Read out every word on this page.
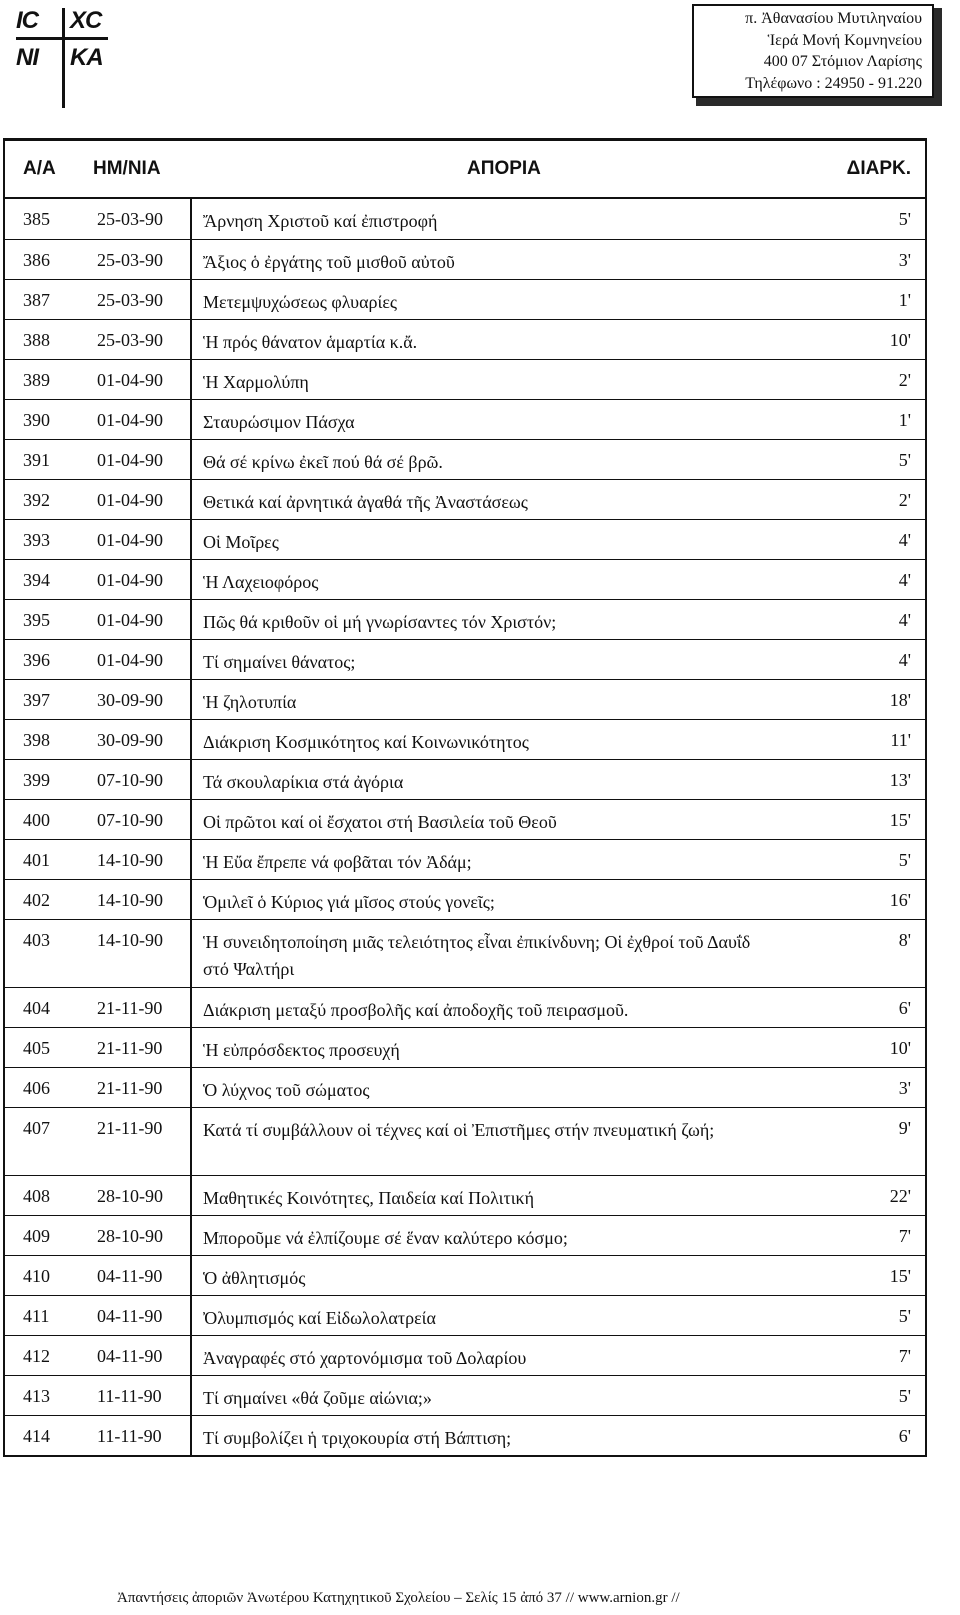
IC XC
NI KA
π. Ἀθανασίου Μυτιληναίου
Ἱερά Μονή Κομνηνείου
400 07 Στόμιον Λαρίσης
Τηλέφωνο : 24950 - 91.220
Α/Α ΗΜ/ΝΙΑ	ΑΠΟΡΙΑ	ΔΙΑΡΚ.
385	25-03-90 Ἄρνηση Χριστοῦ καί ἐπιστροφή	5'
386	25-03-90 Ἄξιος ὁ ἐργάτης τοῦ μισθοῦ αὐτοῦ	3'
387	25-03-90 Μετεμψυχώσεως φλυαρίες	1'
388	25-03-90 Ἡ πρός θάνατον ἁμαρτία κ.ἄ.	10'
389	01-04-90 Ἡ Χαρμολύπη	2'
390	01-04-90 Σταυρώσιμον Πάσχα	1'
391	01-04-90 Θά σέ κρίνω ἐκεῖ πού θά σέ βρῶ.	5'
392	01-04-90 Θετικά καί ἀρνητικά ἀγαθά τῆς Ἀναστάσεως	2'
393	01-04-90 Οἱ Μοῖρες	4'
394	01-04-90 Ἡ Λαχειοφόρος	4'
395	01-04-90 Πῶς θά κριθοῦν οἱ μή γνωρίσαντες τόν Χριστόν;	4'
396	01-04-90 Τί σημαίνει θάνατος;	4'
397	30-09-90 Ἡ ζηλοτυπία	18'
398	30-09-90 Διάκριση Κοσμικότητος καί Κοινωνικότητος	11'
399	07-10-90 Τά σκουλαρίκια στά ἀγόρια	13'
400	07-10-90 Οἱ πρῶτοι καί οἱ ἔσχατοι στή Βασιλεία τοῦ Θεοῦ	15'
401	14-10-90 Ἡ Εὔα ἔπρεπε νά φοβᾶται τόν Ἀδάμ;	5'
402	14-10-90 Ὁμιλεῖ ὁ Κύριος γιά μῖσος στούς γονεῖς;	16'
403	14-10-90 Ἡ συνειδητοποίηση μιᾶς τελειότητος εἶναι ἐπικίνδυνη; Οἱ ἐχθροί τοῦ Δαυΐδ στό Ψαλτήρι
8'
404	21-11-90 Διάκριση μεταξύ προσβολῆς καί ἀποδοχῆς τοῦ πειρασμοῦ.	6'
405	21-11-90 Ἡ εὐπρόσδεκτος προσευχή	10'
406	21-11-90 Ὁ λύχνος τοῦ σώματος	3'
407	21-11-90 Κατά τί συμβάλλουν οἱ τέχνες καί οἱ Ἐπιστῆμες στήν πνευματική ζωή;	9'
408	28-10-90 Μαθητικές Κοινότητες, Παιδεία καί Πολιτική	22'
409	28-10-90 Μποροῦμε νά ἐλπίζουμε σέ ἕναν καλύτερο κόσμο;	7'
410	04-11-90 Ὁ ἀθλητισμός	15'
411	04-11-90 Ὀλυμπισμός καί Εἰδωλολατρεία	5'
412	04-11-90 Ἀναγραφές στό χαρτονόμισμα τοῦ Δολαρίου	7'
413	11-11-90 Τί σημαίνει «θά ζοῦμε αἰώνια;»	5'
414	11-11-90 Τί συμβολίζει ἡ τριχοκουρία στή Βάπτιση;	6'
Ἀπαντήσεις ἀποριῶν Ἀνωτέρου Κατηχητικοῦ Σχολείου – Σελίς 15 ἀπό 37 // www.arnion.gr //
